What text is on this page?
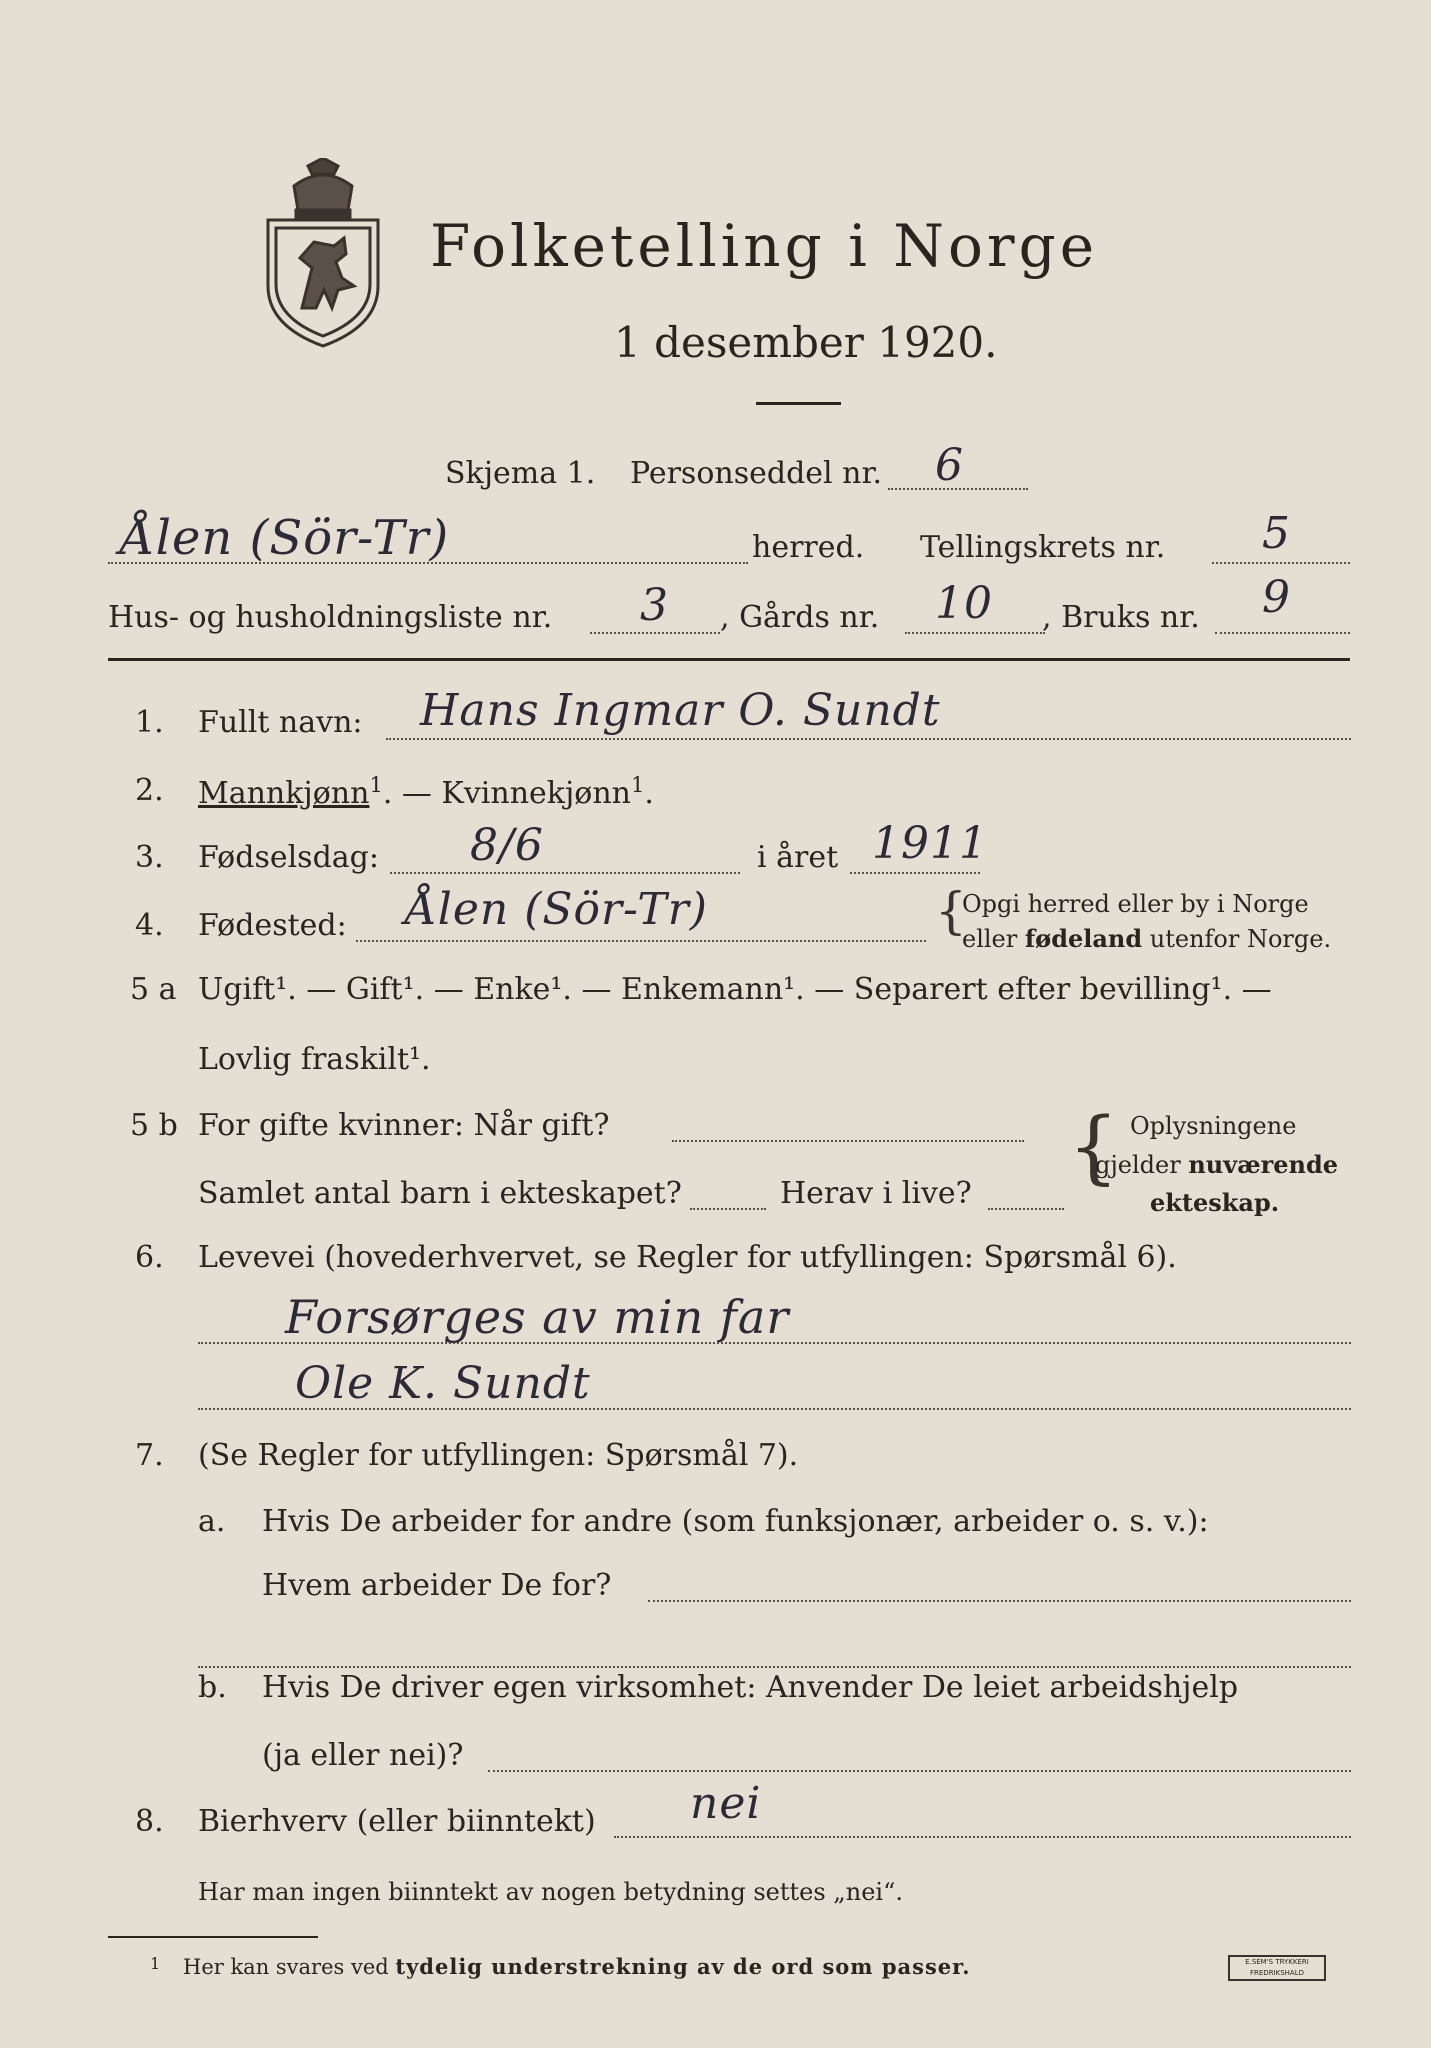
Folketelling i Norge
1 desember 1920.
Skjema 1. Personseddel nr. 6
Ålen (Sör-Tr)	herred. Tellingskrets nr. 5
Hus- og husholdningsliste nr. 3 , Gårds nr. 10 , Bruks nr. 9
1. Fullt navn: Hans Ingmar O. Sundt
2. Mannkjønn$^1$. — Kvinnekjønn$^1$.
3. Fødselsdag: 8/6	i året 1911
4. Fødested: Ålen (Sör-Tr)	{
Opgi herred eller by i Norge
eller fødeland utenfor Norge.
5 a Ugift¹. — Gift¹. — Enke¹. — Enkemann¹. — Separert efter bevilling¹. —
Lovlig fraskilt¹.
5 b For gifte kvinner: Når gift?
Samlet antal barn i ekteskapet?	Herav i live?
{ Oplysningene
gjelder nuværende
ekteskap.
6. Levevei (hovederhvervet, se Regler for utfyllingen: Spørsmål 6).
Forsørges av min far
Ole K. Sundt
7. (Se Regler for utfyllingen: Spørsmål 7).
a. Hvis De arbeider for andre (som funksjonær, arbeider o. s. v.):
Hvem arbeider De for?
b. Hvis De driver egen virksomhet: Anvender De leiet arbeidshjelp
(ja eller nei)?
8. Bierhverv (eller biinntekt) nei
Har man ingen biinntekt av nogen betydning settes „nei“.
1 Her kan svares ved tydelig understrekning av de ord som passer.	E.SEM'S TRYKKERI
FREDRIKSHALD
